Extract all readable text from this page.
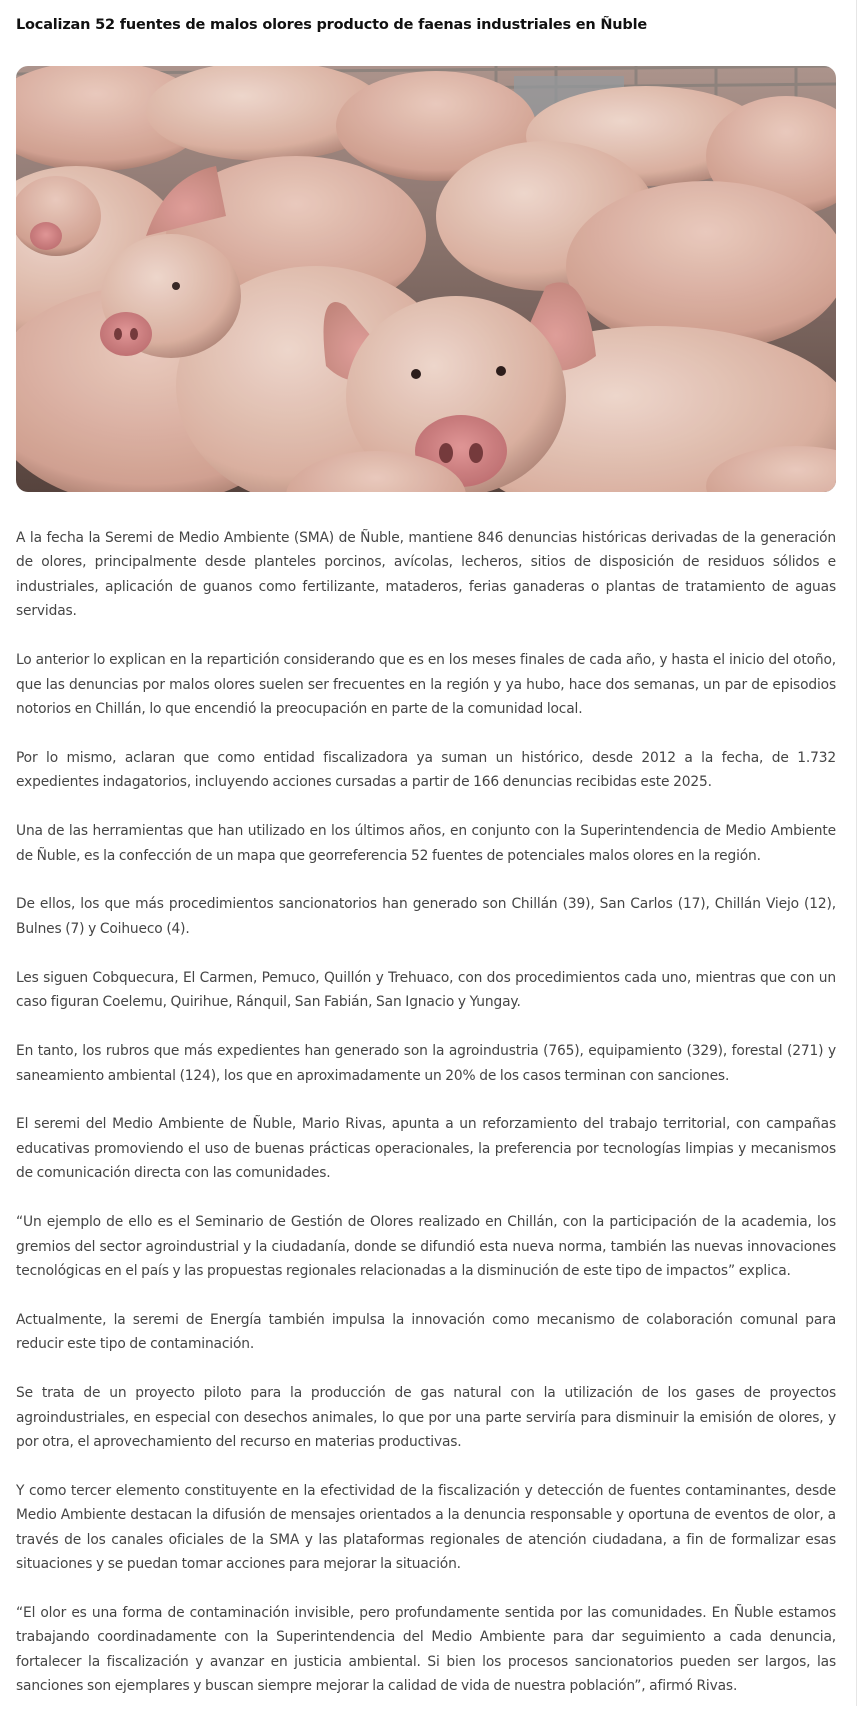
Localizan 52 fuentes de malos olores producto de faenas industriales en Ñuble

A la fecha la Seremi de Medio Ambiente (SMA) de Ñuble, mantiene 846 denuncias históricas derivadas de la generación de olores, principalmente desde planteles porcinos, avícolas, lecheros, sitios de disposición de residuos sólidos e industriales, aplicación de guanos como fertilizante, mataderos, ferias ganaderas o plantas de tratamiento de aguas servidas.

Lo anterior lo explican en la repartición considerando que es en los meses finales de cada año, y hasta el inicio del otoño, que las denuncias por malos olores suelen ser frecuentes en la región y ya hubo, hace dos semanas, un par de episodios notorios en Chillán, lo que encendió la preocupación en parte de la comunidad local.

Por lo mismo, aclaran que como entidad fiscalizadora ya suman un histórico, desde 2012 a la fecha, de 1.732 expedientes indagatorios, incluyendo acciones cursadas a partir de 166 denuncias recibidas este 2025.

Una de las herramientas que han utilizado en los últimos años, en conjunto con la Superintendencia de Medio Ambiente de Ñuble, es la confección de un mapa que georreferencia 52 fuentes de potenciales malos olores en la región.

De ellos, los que más procedimientos sancionatorios han generado son Chillán (39), San Carlos (17), Chillán Viejo (12), Bulnes (7) y Coihueco (4).

Les siguen Cobquecura, El Carmen, Pemuco, Quillón y Trehuaco, con dos procedimientos cada uno, mientras que con un caso figuran Coelemu, Quirihue, Ránquil, San Fabián, San Ignacio y Yungay.

En tanto, los rubros que más expedientes han generado son la agroindustria (765), equipamiento (329), forestal (271) y saneamiento ambiental (124), los que en aproximadamente un 20% de los casos terminan con sanciones.

El seremi del Medio Ambiente de Ñuble, Mario Rivas, apunta a un reforzamiento del trabajo territorial, con campañas educativas promoviendo el uso de buenas prácticas operacionales, la preferencia por tecnologías limpias y mecanismos de comunicación directa con las comunidades.

“Un ejemplo de ello es el Seminario de Gestión de Olores realizado en Chillán, con la participación de la academia, los gremios del sector agroindustrial y la ciudadanía, donde se difundió esta nueva norma, también las nuevas innovaciones tecnológicas en el país y las propuestas regionales relacionadas a la disminución de este tipo de impactos” explica.

Actualmente, la seremi de Energía también impulsa la innovación como mecanismo de colaboración comunal para reducir este tipo de contaminación.

Se trata de un proyecto piloto para la producción de gas natural con la utilización de los gases de proyectos agroindustriales, en especial con desechos animales, lo que por una parte serviría para disminuir la emisión de olores, y por otra, el aprovechamiento del recurso en materias productivas.

Y como tercer elemento constituyente en la efectividad de la fiscalización y detección de fuentes contaminantes, desde Medio Ambiente destacan la difusión de mensajes orientados a la denuncia responsable y oportuna de eventos de olor, a través de los canales oficiales de la SMA y las plataformas regionales de atención ciudadana, a fin de formalizar esas situaciones y se puedan tomar acciones para mejorar la situación.

“El olor es una forma de contaminación invisible, pero profundamente sentida por las comunidades. En Ñuble estamos trabajando coordinadamente con la Superintendencia del Medio Ambiente para dar seguimiento a cada denuncia, fortalecer la fiscalización y avanzar en justicia ambiental. Si bien los procesos sancionatorios pueden ser largos, las sanciones son ejemplares y buscan siempre mejorar la calidad de vida de nuestra población”, afirmó Rivas.
